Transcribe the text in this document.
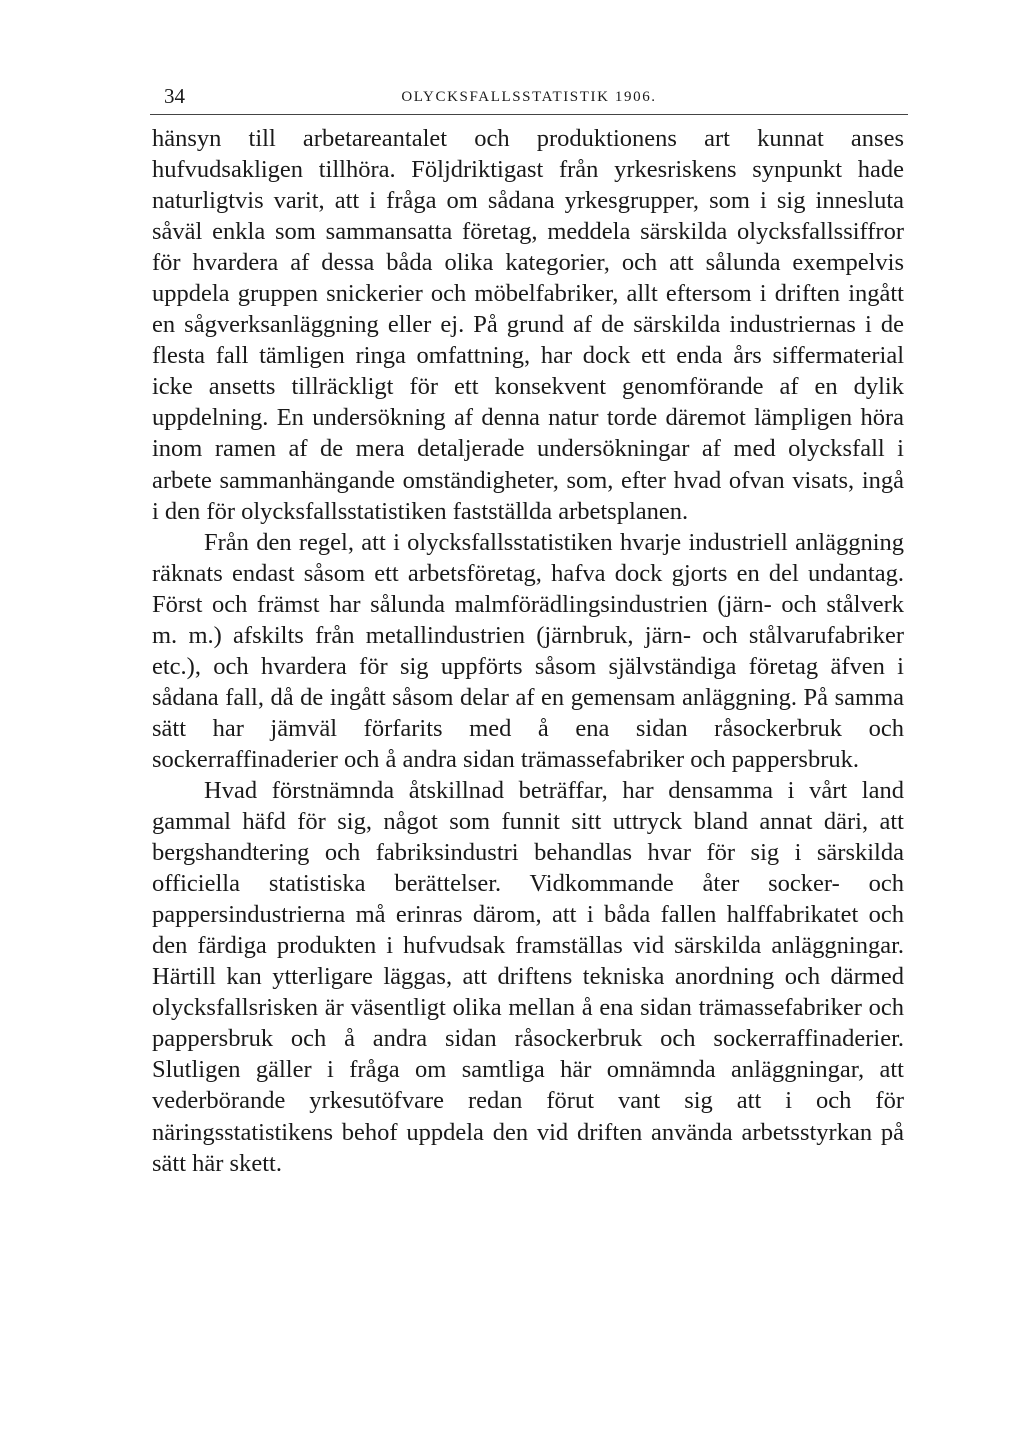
34	OLYCKSFALLSSTATISTIK 1906.

hänsyn till arbetareantalet och produktionens art kunnat anses hufvudsakligen tillhöra. Följdriktigast från yrkesriskens synpunkt hade naturligtvis varit, att i fråga om sådana yrkesgrupper, som i sig innesluta såväl enkla som sammansatta företag, meddela särskilda olycksfallssiffror för hvardera af dessa båda olika kategorier, och att sålunda exempelvis uppdela gruppen snickerier och möbelfabriker, allt eftersom i driften ingått en sågverksanläggning eller ej. På grund af de särskilda industriernas i de flesta fall tämligen ringa omfattning, har dock ett enda års siffermaterial icke ansetts tillräckligt för ett konsekvent genomförande af en dylik uppdelning. En undersökning af denna natur torde däremot lämpligen höra inom ramen af de mera detaljerade undersökningar af med olycksfall i arbete sammanhängande omständigheter, som, efter hvad ofvan visats, ingå i den för olycksfallsstatistiken fastställda arbetsplanen.

Från den regel, att i olycksfallsstatistiken hvarje industriell anläggning räknats endast såsom ett arbetsföretag, hafva dock gjorts en del undantag. Först och främst har sålunda malmförädlingsindustrien (järn- och stålverk m. m.) afskilts från metallindustrien (järnbruk, järn- och stålvarufabriker etc.), och hvardera för sig uppförts såsom självständiga företag äfven i sådana fall, då de ingått såsom delar af en gemensam anläggning. På samma sätt har jämväl förfarits med å ena sidan råsockerbruk och sockerraffinaderier och å andra sidan trämassefabriker och pappersbruk.

Hvad förstnämnda åtskillnad beträffar, har densamma i vårt land gammal häfd för sig, något som funnit sitt uttryck bland annat däri, att bergshandtering och fabriksindustri behandlas hvar för sig i särskilda officiella statistiska berättelser. Vidkommande åter socker- och pappersindustrierna må erinras därom, att i båda fallen halffabrikatet och den färdiga produkten i hufvudsak framställas vid särskilda anläggningar. Härtill kan ytterligare läggas, att driftens tekniska anordning och därmed olycksfallsrisken är väsentligt olika mellan å ena sidan trämassefabriker och pappersbruk och å andra sidan råsockerbruk och sockerraffinaderier. Slutligen gäller i fråga om samtliga här omnämnda anläggningar, att vederbörande yrkesutöfvare redan förut vant sig att i och för näringsstatistikens behof uppdela den vid driften använda arbetsstyrkan på sätt här skett.
